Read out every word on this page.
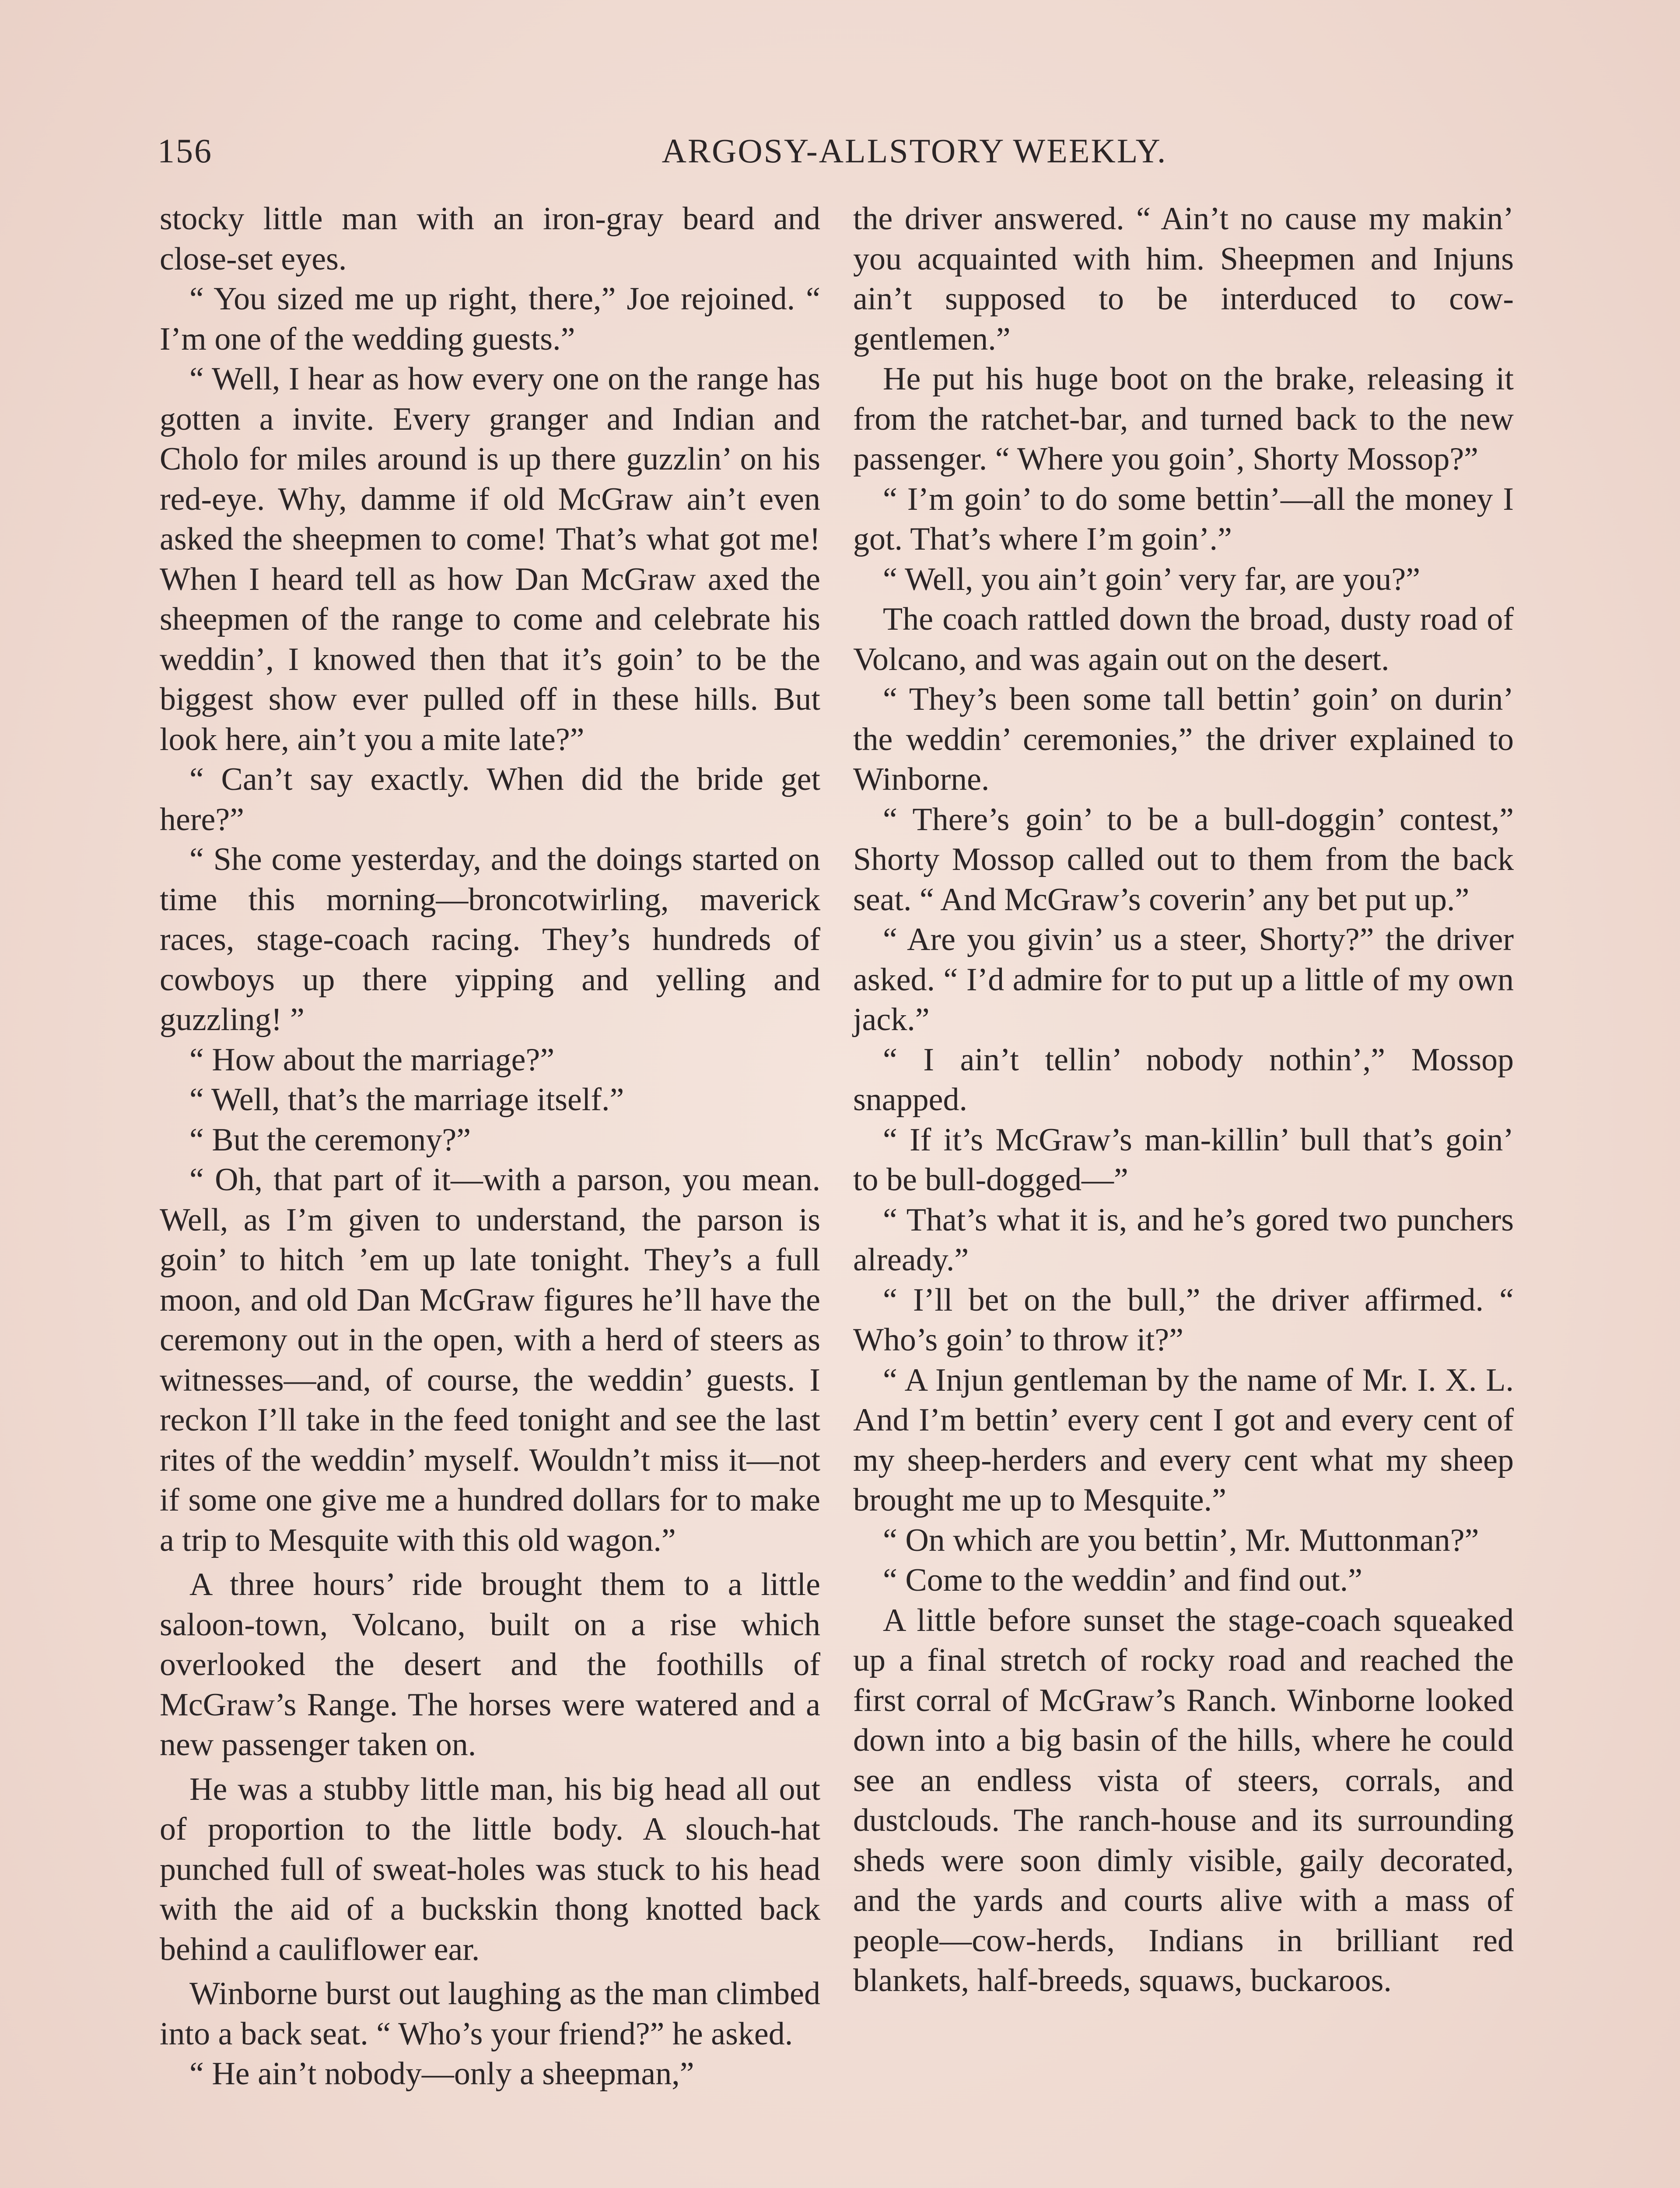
156	ARGOSY-ALLSTORY WEEKLY.

stocky little man with an iron-gray beard and close-set eyes.

“ You sized me up right, there,” Joe rejoined. “ I’m one of the wedding guests.”

“ Well, I hear as how every one on the range has gotten a invite. Every granger and Indian and Cholo for miles around is up there guzzlin’ on his red-eye. Why, damme if old McGraw ain’t even asked the sheepmen to come! That’s what got me! When I heard tell as how Dan McGraw axed the sheepmen of the range to come and celebrate his weddin’, I knowed then that it’s goin’ to be the biggest show ever pulled off in these hills. But look here, ain’t you a mite late?”

“ Can’t say exactly. When did the bride get here?”

“ She come yesterday, and the doings started on time this morning—broncotwirling, maverick races, stage-coach racing. They’s hundreds of cowboys up there yipping and yelling and guzzling! ”

“ How about the marriage?”

“ Well, that’s the marriage itself.”

“ But the ceremony?”

“ Oh, that part of it—with a parson, you mean. Well, as I’m given to understand, the parson is goin’ to hitch ’em up late tonight. They’s a full moon, and old Dan McGraw figures he’ll have the ceremony out in the open, with a herd of steers as witnesses—and, of course, the weddin’ guests. I reckon I’ll take in the feed tonight and see the last rites of the weddin’ myself. Wouldn’t miss it—not if some one give me a hundred dollars for to make a trip to Mesquite with this old wagon.”

A three hours’ ride brought them to a little saloon-town, Volcano, built on a rise which overlooked the desert and the foothills of McGraw’s Range. The horses were watered and a new passenger taken on.

He was a stubby little man, his big head all out of proportion to the little body. A slouch-hat punched full of sweat-holes was stuck to his head with the aid of a buckskin thong knotted back behind a cauliflower ear.

Winborne burst out laughing as the man climbed into a back seat. “ Who’s your friend?” he asked.

“ He ain’t nobody—only a sheepman,”

the driver answered. “ Ain’t no cause my makin’ you acquainted with him. Sheepmen and Injuns ain’t supposed to be interduced to cow-gentlemen.”

He put his huge boot on the brake, releasing it from the ratchet-bar, and turned back to the new passenger. “ Where you goin’, Shorty Mossop?”

“ I’m goin’ to do some bettin’—all the money I got. That’s where I’m goin’.”

“ Well, you ain’t goin’ very far, are you?”

The coach rattled down the broad, dusty road of Volcano, and was again out on the desert.

“ They’s been some tall bettin’ goin’ on durin’ the weddin’ ceremonies,” the driver explained to Winborne.

“ There’s goin’ to be a bull-doggin’ contest,” Shorty Mossop called out to them from the back seat. “ And McGraw’s coverin’ any bet put up.”

“ Are you givin’ us a steer, Shorty?” the driver asked. “ I’d admire for to put up a little of my own jack.”

“ I ain’t tellin’ nobody nothin’,” Mossop snapped.

“ If it’s McGraw’s man-killin’ bull that’s goin’ to be bull-dogged—”

“ That’s what it is, and he’s gored two punchers already.”

“ I’ll bet on the bull,” the driver affirmed. “ Who’s goin’ to throw it?”

“ A Injun gentleman by the name of Mr. I. X. L. And I’m bettin’ every cent I got and every cent of my sheep-herders and every cent what my sheep brought me up to Mesquite.”

“ On which are you bettin’, Mr. Muttonman?”

“ Come to the weddin’ and find out.”

A little before sunset the stage-coach squeaked up a final stretch of rocky road and reached the first corral of McGraw’s Ranch. Winborne looked down into a big basin of the hills, where he could see an endless vista of steers, corrals, and dustclouds. The ranch-house and its surrounding sheds were soon dimly visible, gaily decorated, and the yards and courts alive with a mass of people—cow-herds, Indians in brilliant red blankets, half-breeds, squaws, buckaroos.
